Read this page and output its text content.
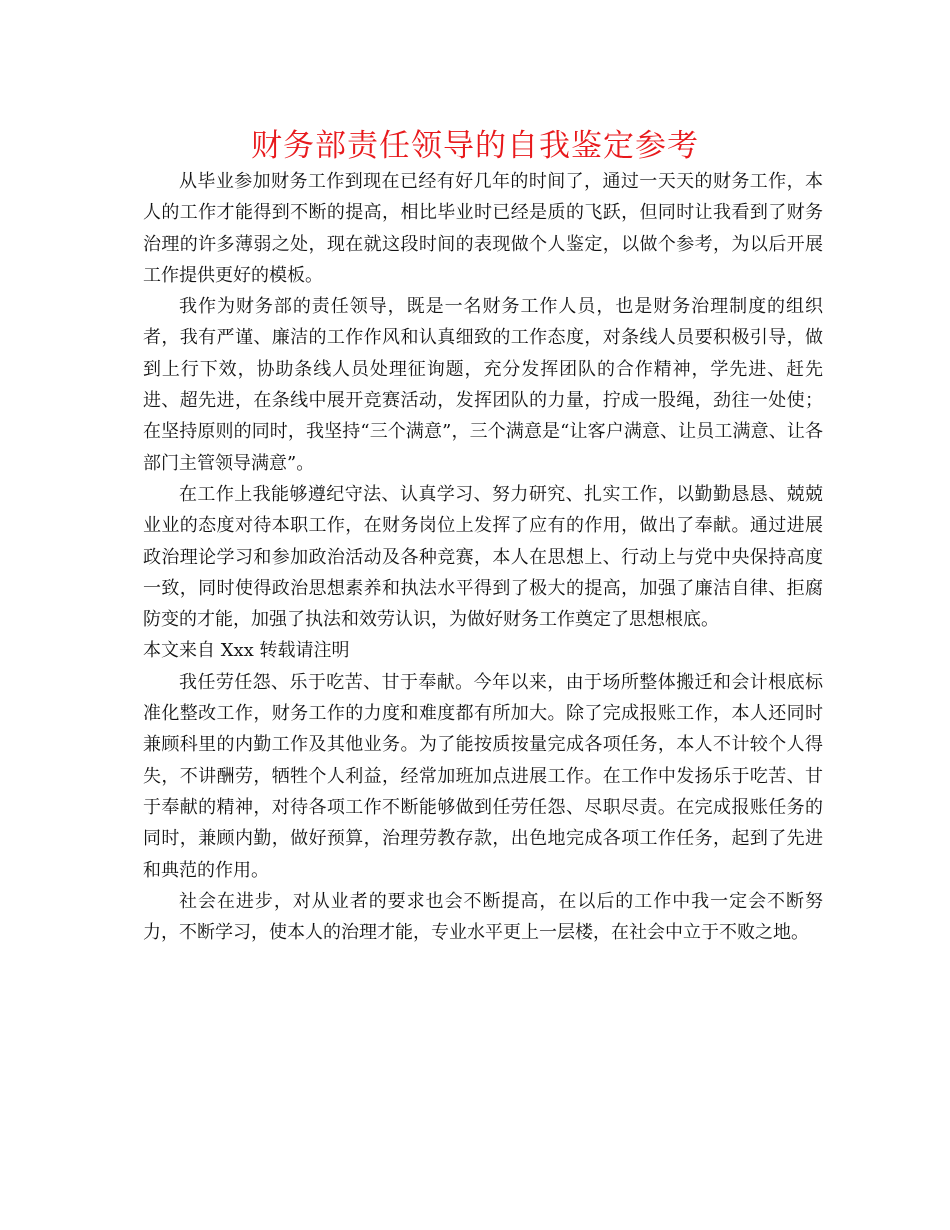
财务部责任领导的自我鉴定参考

从毕业参加财务工作到现在已经有好几年的时间了，通过一天天的财务工作，本人的工作才能得到不断的提高，相比毕业时已经是质的飞跃，但同时让我看到了财务治理的许多薄弱之处，现在就这段时间的表现做个人鉴定，以做个参考，为以后开展工作提供更好的模板。

我作为财务部的责任领导，既是一名财务工作人员，也是财务治理制度的组织者，我有严谨、廉洁的工作作风和认真细致的工作态度，对条线人员要积极引导，做到上行下效，协助条线人员处理征询题，充分发挥团队的合作精神，学先进、赶先进、超先进，在条线中展开竞赛活动，发挥团队的力量，拧成一股绳，劲往一处使；在坚持原则的同时，我坚持“三个满意”，三个满意是“让客户满意、让员工满意、让各部门主管领导满意”。

在工作上我能够遵纪守法、认真学习、努力研究、扎实工作，以勤勤恳恳、兢兢业业的态度对待本职工作，在财务岗位上发挥了应有的作用，做出了奉献。通过进展政治理论学习和参加政治活动及各种竞赛，本人在思想上、行动上与党中央保持高度一致，同时使得政治思想素养和执法水平得到了极大的提高，加强了廉洁自律、拒腐防变的才能，加强了执法和效劳认识，为做好财务工作奠定了思想根底。

本文来自 Xxx 转载请注明

我任劳任怨、乐于吃苦、甘于奉献。今年以来，由于场所整体搬迁和会计根底标准化整改工作，财务工作的力度和难度都有所加大。除了完成报账工作，本人还同时兼顾科里的内勤工作及其他业务。为了能按质按量完成各项任务，本人不计较个人得失，不讲酬劳，牺牲个人利益，经常加班加点进展工作。在工作中发扬乐于吃苦、甘于奉献的精神，对待各项工作不断能够做到任劳任怨、尽职尽责。在完成报账任务的同时，兼顾内勤，做好预算，治理劳教存款，出色地完成各项工作任务，起到了先进和典范的作用。

社会在进步，对从业者的要求也会不断提高，在以后的工作中我一定会不断努力，不断学习，使本人的治理才能，专业水平更上一层楼，在社会中立于不败之地。
